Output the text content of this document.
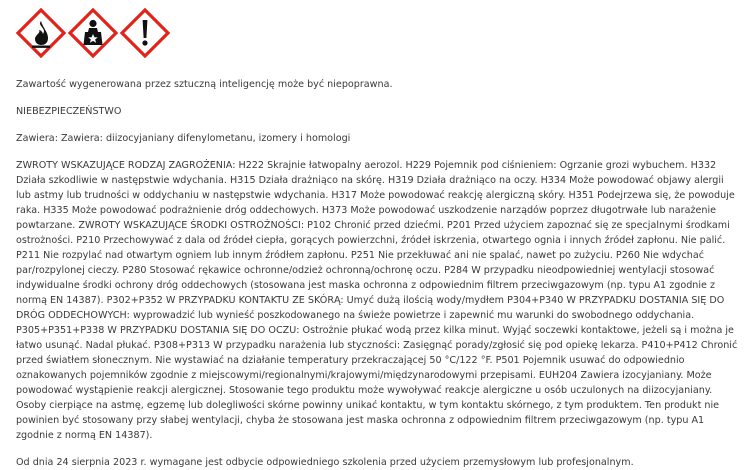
Zawartość wygenerowana przez sztuczną inteligencję może być niepoprawna.

NIEBEZPIECZEŃSTWO

Zawiera: Zawiera: diizocyjaniany difenylometanu, izomery i homologi

ZWROTY WSKAZUJĄCE RODZAJ ZAGROŻENIA: H222 Skrajnie łatwopalny aerozol. H229 Pojemnik pod ciśnieniem: Ogrzanie grozi wybuchem. H332 Działa szkodliwie w następstwie wdychania. H315 Działa drażniąco na skórę. H319 Działa drażniąco na oczy. H334 Może powodować objawy alergii lub astmy lub trudności w oddychaniu w następstwie wdychania. H317 Może powodować reakcję alergiczną skóry. H351 Podejrzewa się, że powoduje raka. H335 Może powodować podrażnienie dróg oddechowych. H373 Może powodować uszkodzenie narządów poprzez długotrwałe lub narażenie powtarzane. ZWROTY WSKAZUJĄCE ŚRODKI OSTROŻNOŚCI: P102 Chronić przed dziećmi. P201 Przed użyciem zapoznać się ze specjalnymi środkami ostrożności. P210 Przechowywać z dala od źródeł ciepła, gorących powierzchni, źródeł iskrzenia, otwartego ognia i innych źródeł zapłonu. Nie palić. P211 Nie rozpylać nad otwartym ogniem lub innym źródłem zapłonu. P251 Nie przekłuwać ani nie spalać, nawet po zużyciu. P260 Nie wdychać par/rozpylonej cieczy. P280 Stosować rękawice ochronne/odzież ochronną/ochronę oczu. P284 W przypadku nieodpowiedniej wentylacji stosować indywidualne środki ochrony dróg oddechowych (stosowana jest maska ochronna z odpowiednim filtrem przeciwgazowym (np. typu A1 zgodnie z normą EN 14387). P302+P352 W PRZYPADKU KONTAKTU ZE SKÓRĄ: Umyć dużą ilością wody/mydłem P304+P340 W PRZYPADKU DOSTANIA SIĘ DO DRÓG ODDECHOWYCH: wyprowadzić lub wynieść poszkodowanego na świeże powietrze i zapewnić mu warunki do swobodnego oddychania. P305+P351+P338 W PRZYPADKU DOSTANIA SIĘ DO OCZU: Ostrożnie płukać wodą przez kilka minut. Wyjąć soczewki kontaktowe, jeżeli są i można je łatwo usunąć. Nadal płukać. P308+P313 W przypadku narażenia lub styczności: Zasięgnąć porady/zgłosić się pod opiekę lekarza. P410+P412 Chronić przed światłem słonecznym. Nie wystawiać na działanie temperatury przekraczającej 50 °C/122 °F. P501 Pojemnik usuwać do odpowiednio oznakowanych pojemników zgodnie z miejscowymi/regionalnymi/krajowymi/międzynarodowymi przepisami. EUH204 Zawiera izocyjaniany. Może powodować wystąpienie reakcji alergicznej. Stosowanie tego produktu może wywoływać reakcje alergiczne u osób uczulonych na diizocyjaniany. Osoby cierpiące na astmę, egzemę lub dolegliwości skórne powinny unikać kontaktu, w tym kontaktu skórnego, z tym produktem. Ten produkt nie powinien być stosowany przy słabej wentylacji, chyba że stosowana jest maska ochronna z odpowiednim filtrem przeciwgazowym (np. typu A1 zgodnie z normą EN 14387).

Od dnia 24 sierpnia 2023 r. wymagane jest odbycie odpowiedniego szkolenia przed użyciem przemysłowym lub profesjonalnym.
